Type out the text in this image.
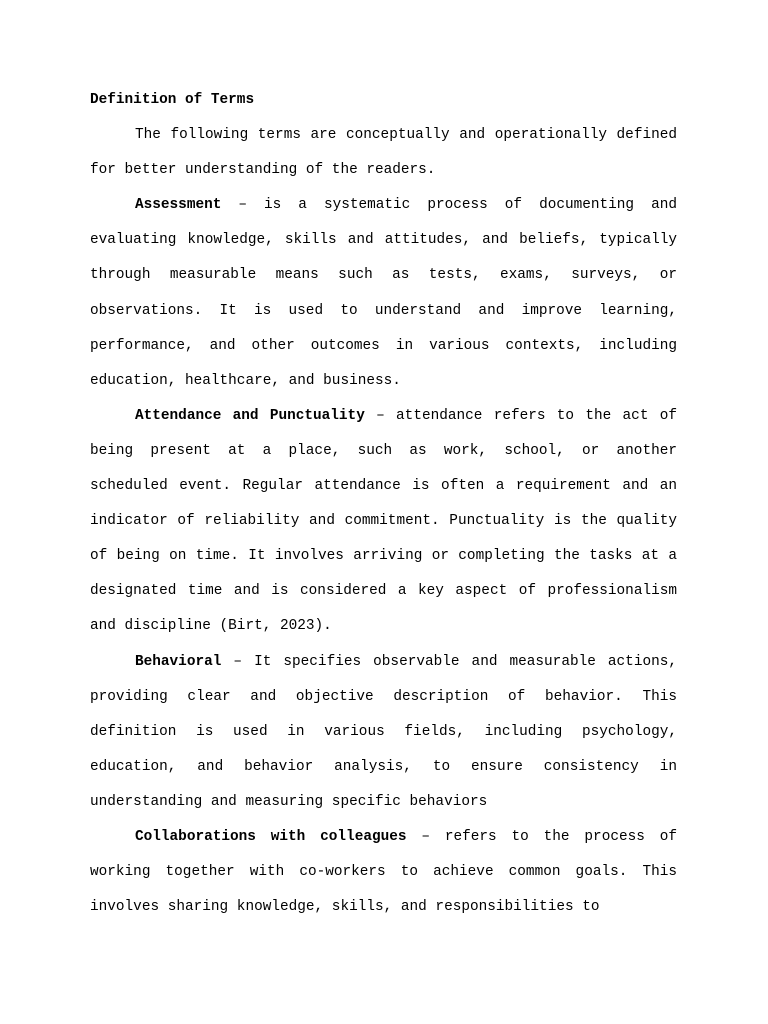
Definition of Terms

The following terms are conceptually and operationally defined for better understanding of the readers.

Assessment – is a systematic process of documenting and evaluating knowledge, skills and attitudes, and beliefs, typically through measurable means such as tests, exams, surveys, or observations. It is used to understand and improve learning, performance, and other outcomes in various contexts, including education, healthcare, and business.

Attendance and Punctuality – attendance refers to the act of being present at a place, such as work, school, or another scheduled event. Regular attendance is often a requirement and an indicator of reliability and commitment. Punctuality is the quality of being on time. It involves arriving or completing the tasks at a designated time and is considered a key aspect of professionalism and discipline (Birt, 2023).

Behavioral – It specifies observable and measurable actions, providing clear and objective description of behavior. This definition is used in various fields, including psychology, education, and behavior analysis, to ensure consistency in understanding and measuring specific behaviors

Collaborations with colleagues – refers to the process of working together with co-workers to achieve common goals. This involves sharing knowledge, skills, and responsibilities to
